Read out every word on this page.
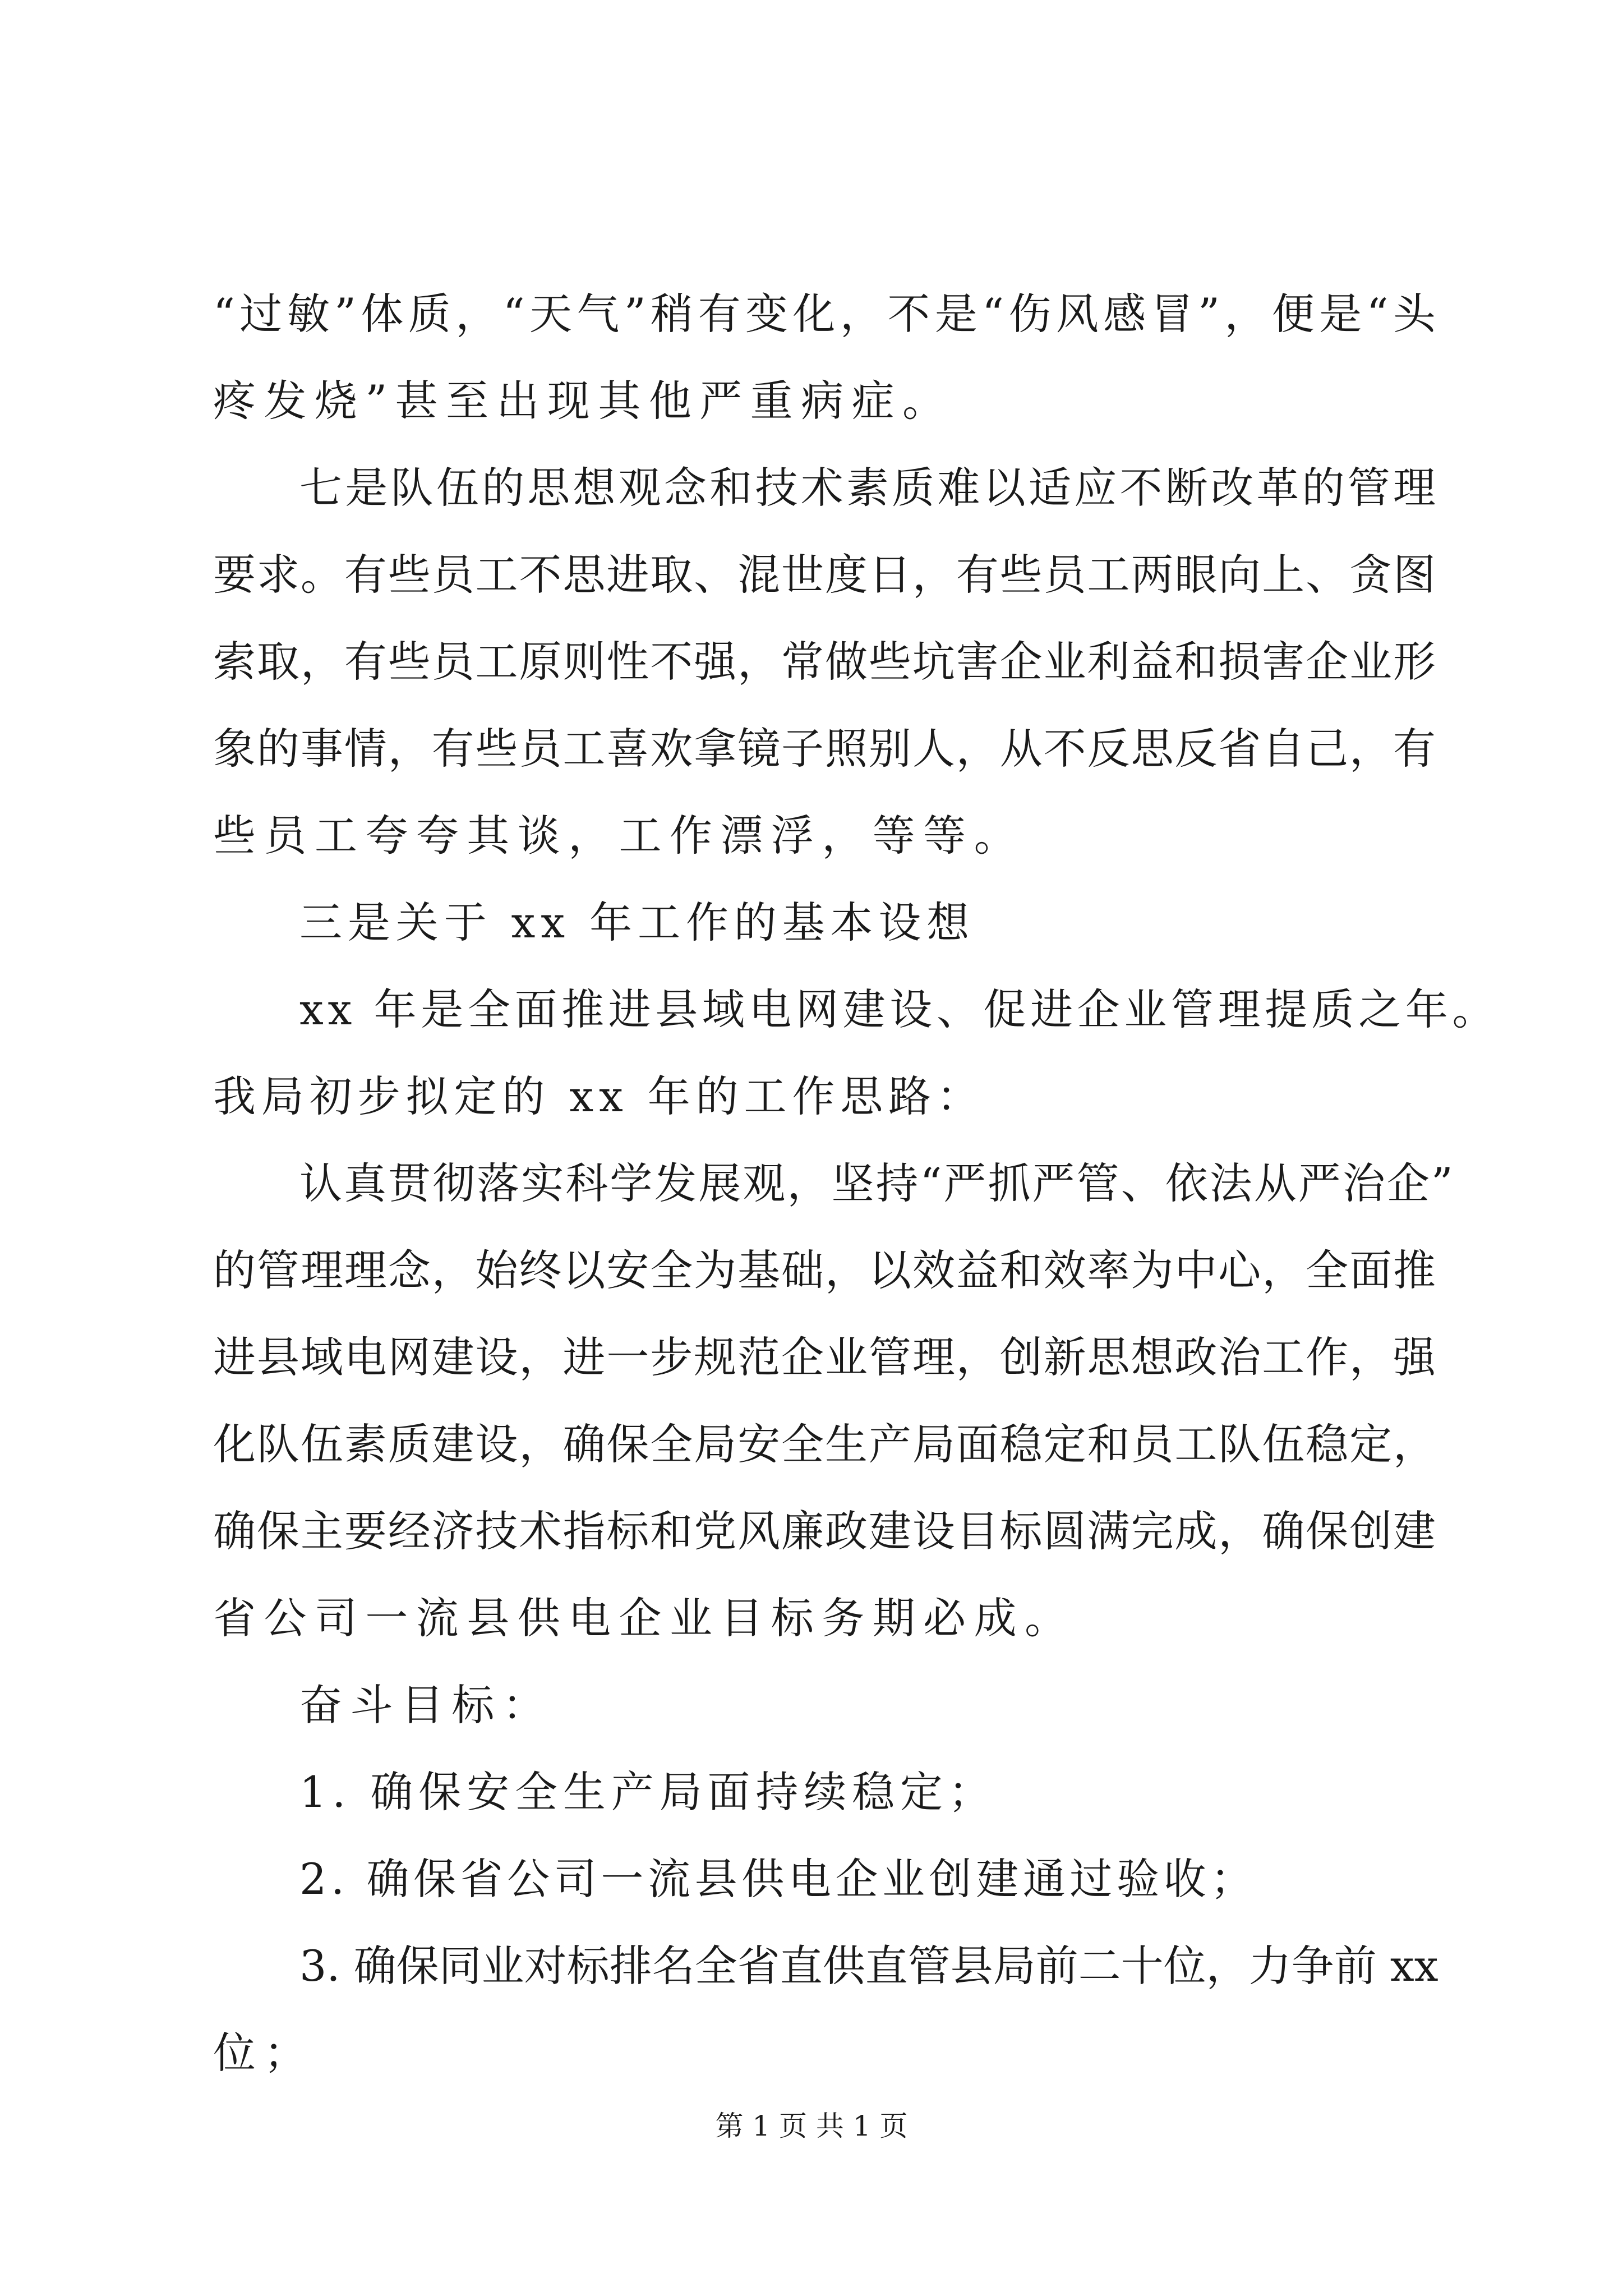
“过敏”体质，“天气”稍有变化，不是“伤风感冒”，便是“头
疼发烧”甚至出现其他严重病症。
七是队伍的思想观念和技术素质难以适应不断改革的管理
要求。有些员工不思进取、混世度日，有些员工两眼向上、贪图
索取，有些员工原则性不强，常做些坑害企业利益和损害企业形
象的事情，有些员工喜欢拿镜子照别人，从不反思反省自己，有
些员工夸夸其谈，工作漂浮，等等。
三是关于 xx 年工作的基本设想
xx 年是全面推进县域电网建设、促进企业管理提质之年。
我局初步拟定的 xx 年的工作思路：
认真贯彻落实科学发展观，坚持“严抓严管、依法从严治企”
的管理理念，始终以安全为基础，以效益和效率为中心，全面推
进县域电网建设，进一步规范企业管理，创新思想政治工作，强
化队伍素质建设，确保全局安全生产局面稳定和员工队伍稳定，
确保主要经济技术指标和党风廉政建设目标圆满完成，确保创建
省公司一流县供电企业目标务期必成。
奋斗目标：
1. 确保安全生产局面持续稳定；
2. 确保省公司一流县供电企业创建通过验收；
3. 确保同业对标排名全省直供直管县局前二十位，力争前 xx
位；
第 1 页 共 1 页
